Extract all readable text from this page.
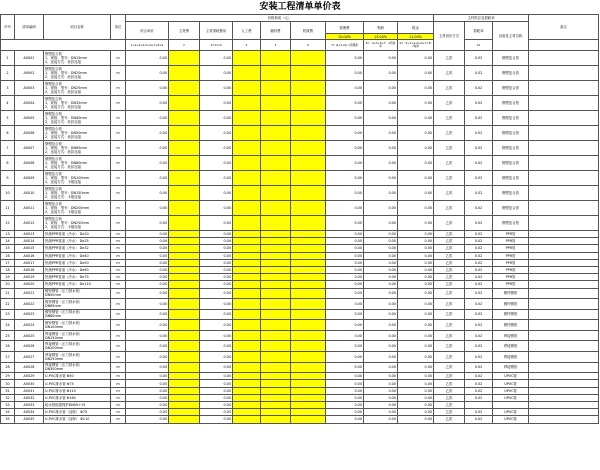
安装工程清单单价表
序号	清单编码	项目名称	单位	价格构成（元）									主材供应及损耗率			备注
				综合单价	主材费	主材损耗费用	人工费	辅材费	机械费	管理费	利润	税金	主材供应方式	损耗率	设备及主材名称	
										10.00%	13.00%	11.00%				
				1+2+3+4+5+6+7+8+9	2	3=2×10	4	5	6	7= (4+5+6) ×管理费	8=（4+5+6+7）×利润率	9=（2+3+4+5+6+7+8）×税率		10		
1	A0001	钢塑复合管
1、规格、型号：DN15mm
2、连接方式：丝扣连接	m	0.00		0.00				0.00	0.00	0.00	乙供	0.02	钢塑复合管	
2	A0002	钢塑复合管
1、规格、型号：DN20mm
2、连接方式：丝扣连接	m	0.00		0.00				0.00	0.00	0.00	乙供	0.02	钢塑复合管	
3	A0003	钢塑复合管
1、规格、型号：DN25mm
2、连接方式：丝扣连接	m	0.00		0.00				0.00	0.00	0.00	乙供	0.02	钢塑复合管	
4	A0004	钢塑复合管
1、规格、型号：DN32mm
2、连接方式：丝扣连接	m	0.00		0.00				0.00	0.00	0.00	乙供	0.02	钢塑复合管	
5	A0005	钢塑复合管
1、规格、型号：DN40mm
2、连接方式：丝扣连接	m	0.00		0.00				0.00	0.00	0.00	乙供	0.02	钢塑复合管	
6	A0006	钢塑复合管
1、规格、型号：DN50mm
2、连接方式：丝扣连接	m	0.00		0.00				0.00	0.00	0.00	乙供	0.02	钢塑复合管	
7	A0007	钢塑复合管
1、规格、型号：DN65mm
2、连接方式：丝扣连接	m	0.00		0.00				0.00	0.00	0.00	乙供	0.02	钢塑复合管	
8	A0008	钢塑复合管
1、规格、型号：DN80mm
2、连接方式：丝扣连接	m	0.00		0.00				0.00	0.00	0.00	乙供	0.02	钢塑复合管	
9	A0009	钢塑复合管
1、规格、型号：DN100mm
2、连接方式：卡箍连接	m	0.00		0.00				0.00	0.00	0.00	乙供	0.02	钢塑复合管	
10	A0010	钢塑复合管
1、规格、型号：DN150mm
2、连接方式：卡箍连接	m	0.00		0.00				0.00	0.00	0.00	乙供	0.02	钢塑复合管	
11	A0011	钢塑复合管
1、规格、型号：DN200mm
2、连接方式：卡箍连接	m	0.00		0.00				0.00	0.00	0.00	乙供	0.02	钢塑复合管	
12	A0012	钢塑复合管
1、规格、型号：DN250mm
2、连接方式：卡箍连接	m	0.00		0.00				0.00	0.00	0.00	乙供	0.02	钢塑复合管	
13	A0013	热熔PPR管道（冷水） De20	m	0.00		0.00				0.00	0.00	0.00	乙供	0.02	PPR管	
14	A0014	热熔PPR管道（冷水） De25	m	0.00		0.00				0.00	0.00	0.00	乙供	0.02	PPR管	
15	A0015	热熔PPR管道（冷水） De32	m	0.00		0.00				0.00	0.00	0.00	乙供	0.02	PPR管	
16	A0016	热熔PPR管道（冷水） De40	m	0.00		0.00				0.00	0.00	0.00	乙供	0.02	PPR管	
17	A0017	热熔PPR管道（冷水） De50	m	0.00		0.00				0.00	0.00	0.00	乙供	0.02	PPR管	
18	A0018	热熔PPR管道（冷水） De63	m	0.00		0.00				0.00	0.00	0.00	乙供	0.02	PPR管	
19	A0019	热熔PPR管道（冷水） De75	m	0.00		0.00				0.00	0.00	0.00	乙供	0.02	PPR管	
20	A0020	热熔PPR管道（冷水） De110	m	0.00		0.00				0.00	0.00	0.00	乙供	0.02	PPR管	
21	A0021	镀锌钢管（压力排水管）
DN50mm	m	0.00		0.00				0.00	0.00	0.00	乙供	0.02	镀锌钢管	
22	A0022	镀锌钢管（压力排水管）
DN65mm	m	0.00		0.00				0.00	0.00	0.00	乙供	0.02	镀锌钢管	
23	A0023	镀锌钢管（压力排水管）
DN80mm	m	0.00		0.00				0.00	0.00	0.00	乙供	0.02	镀锌钢管	
24	A0024	镀锌钢管（压力排水管）
DN100mm	m	0.00		0.00				0.00	0.00	0.00	乙供	0.02	镀锌钢管	
25	A0025	焊接钢管（压力排水管）
DN150mm	m	0.00		0.00				0.00	0.00	0.00	乙供	0.02	焊接钢管	
26	A0026	焊接钢管（压力排水管）
DN200mm	m	0.00		0.00				0.00	0.00	0.00	乙供	0.02	焊接钢管	
27	A0027	焊接钢管（压力排水管）
DN250mm	m	0.00		0.00				0.00	0.00	0.00	乙供	0.02	焊接钢管	
28	A0028	焊接钢管（压力排水管）
DN300mm	m	0.00		0.00				0.00	0.00	0.00	乙供	0.02	焊接钢管	
29	A0029	U-PVC排水管 Φ50	m	0.00		0.00				0.00	0.00	0.00	乙供	0.02	UPVC管	
30	A0030	U-PVC排水管 Φ75	m	0.00		0.00				0.00	0.00	0.00	乙供	0.02	UPVC管	
31	A0031	U-PVC排水管 Φ110	m	0.00		0.00				0.00	0.00	0.00	乙供	0.02	UPVC管	
32	A0032	U-PVC排水管 Φ160	m	0.00		0.00				0.00	0.00	0.00	乙供	0.02	UPVC管	
33	A0033	给水管防腐保护DN50+15	m	0.00		0.00				0.00	0.00	0.00	乙供			
34	A0034	U-PVC排水管（加厚） Φ75	m	0.00		0.00				0.00	0.00	0.00	乙供	0.02	UPVC管	
35	A0035	U-PVC排水管（加厚） Φ110	m	0.00		0.00				0.00	0.00	0.00	乙供	0.02	UPVC管	
